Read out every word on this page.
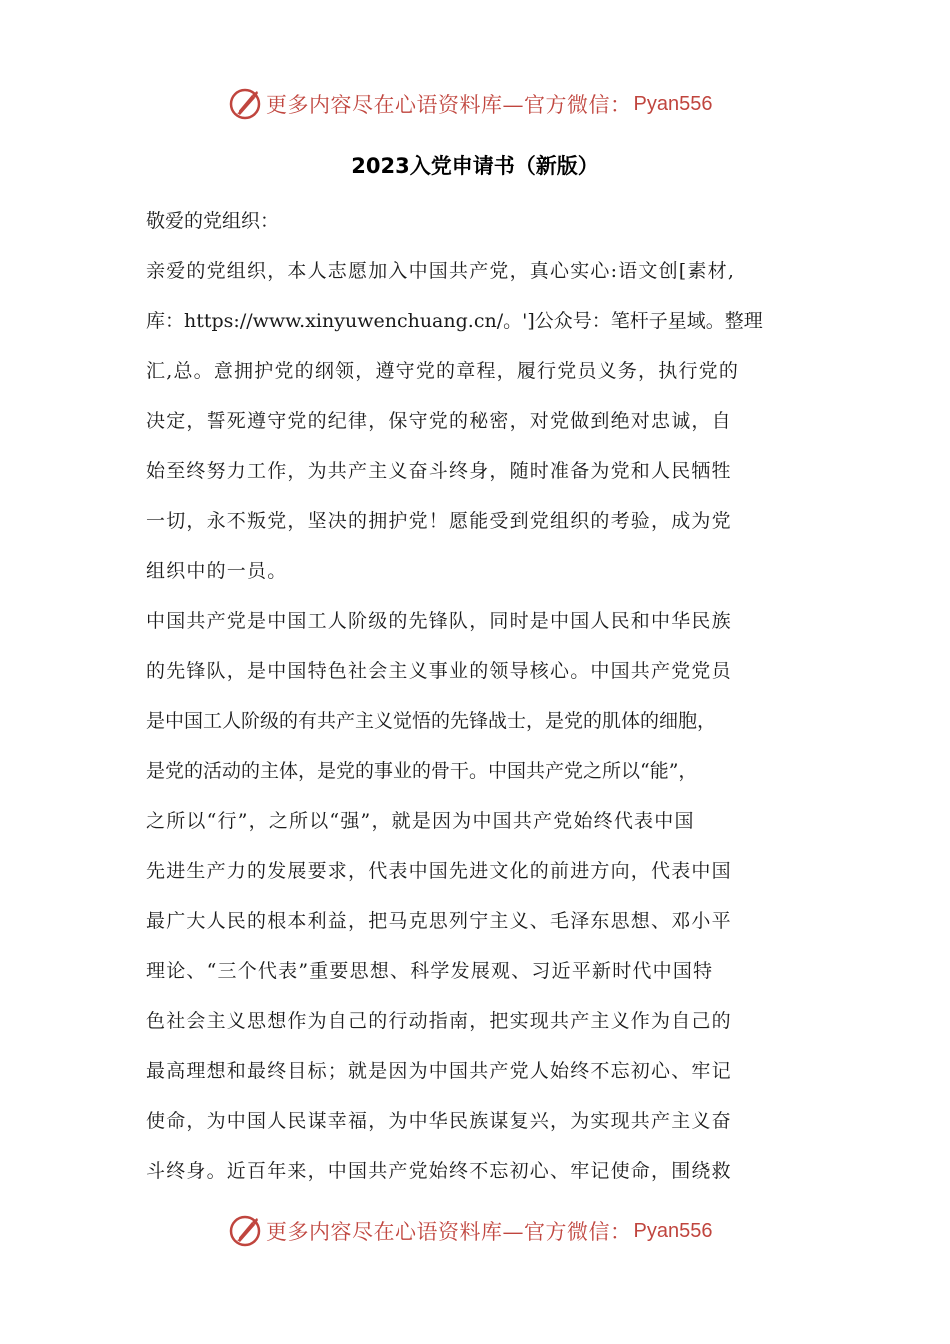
更多内容尽在心语资料库—官方微信： Pyan556
2023入党申请书（新版）
敬爱的党组织：
亲爱的党组织，本人志愿加入中国共产党，真心实心:语文创[素材,
库：https://www.xinyuwenchuang.cn/。']公众号：笔杆子星域。整理
汇,总。意拥护党的纲领，遵守党的章程，履行党员义务，执行党的
决定，誓死遵守党的纪律，保守党的秘密，对党做到绝对忠诚，自
始至终努力工作，为共产主义奋斗终身，随时准备为党和人民牺牲
一切，永不叛党，坚决的拥护党！愿能受到党组织的考验，成为党
组织中的一员。
中国共产党是中国工人阶级的先锋队，同时是中国人民和中华民族
的先锋队，是中国特色社会主义事业的领导核心。中国共产党党员
是中国工人阶级的有共产主义觉悟的先锋战士，是党的肌体的细胞，
是党的活动的主体，是党的事业的骨干。中国共产党之所以“能”，
之所以“行”，之所以“强”，就是因为中国共产党始终代表中国
先进生产力的发展要求，代表中国先进文化的前进方向，代表中国
最广大人民的根本利益，把马克思列宁主义、毛泽东思想、邓小平
理论、“三个代表”重要思想、科学发展观、习近平新时代中国特
色社会主义思想作为自己的行动指南，把实现共产主义作为自己的
最高理想和最终目标；就是因为中国共产党人始终不忘初心、牢记
使命，为中国人民谋幸福，为中华民族谋复兴，为实现共产主义奋
斗终身。近百年来，中国共产党始终不忘初心、牢记使命，围绕救
更多内容尽在心语资料库—官方微信： Pyan556
